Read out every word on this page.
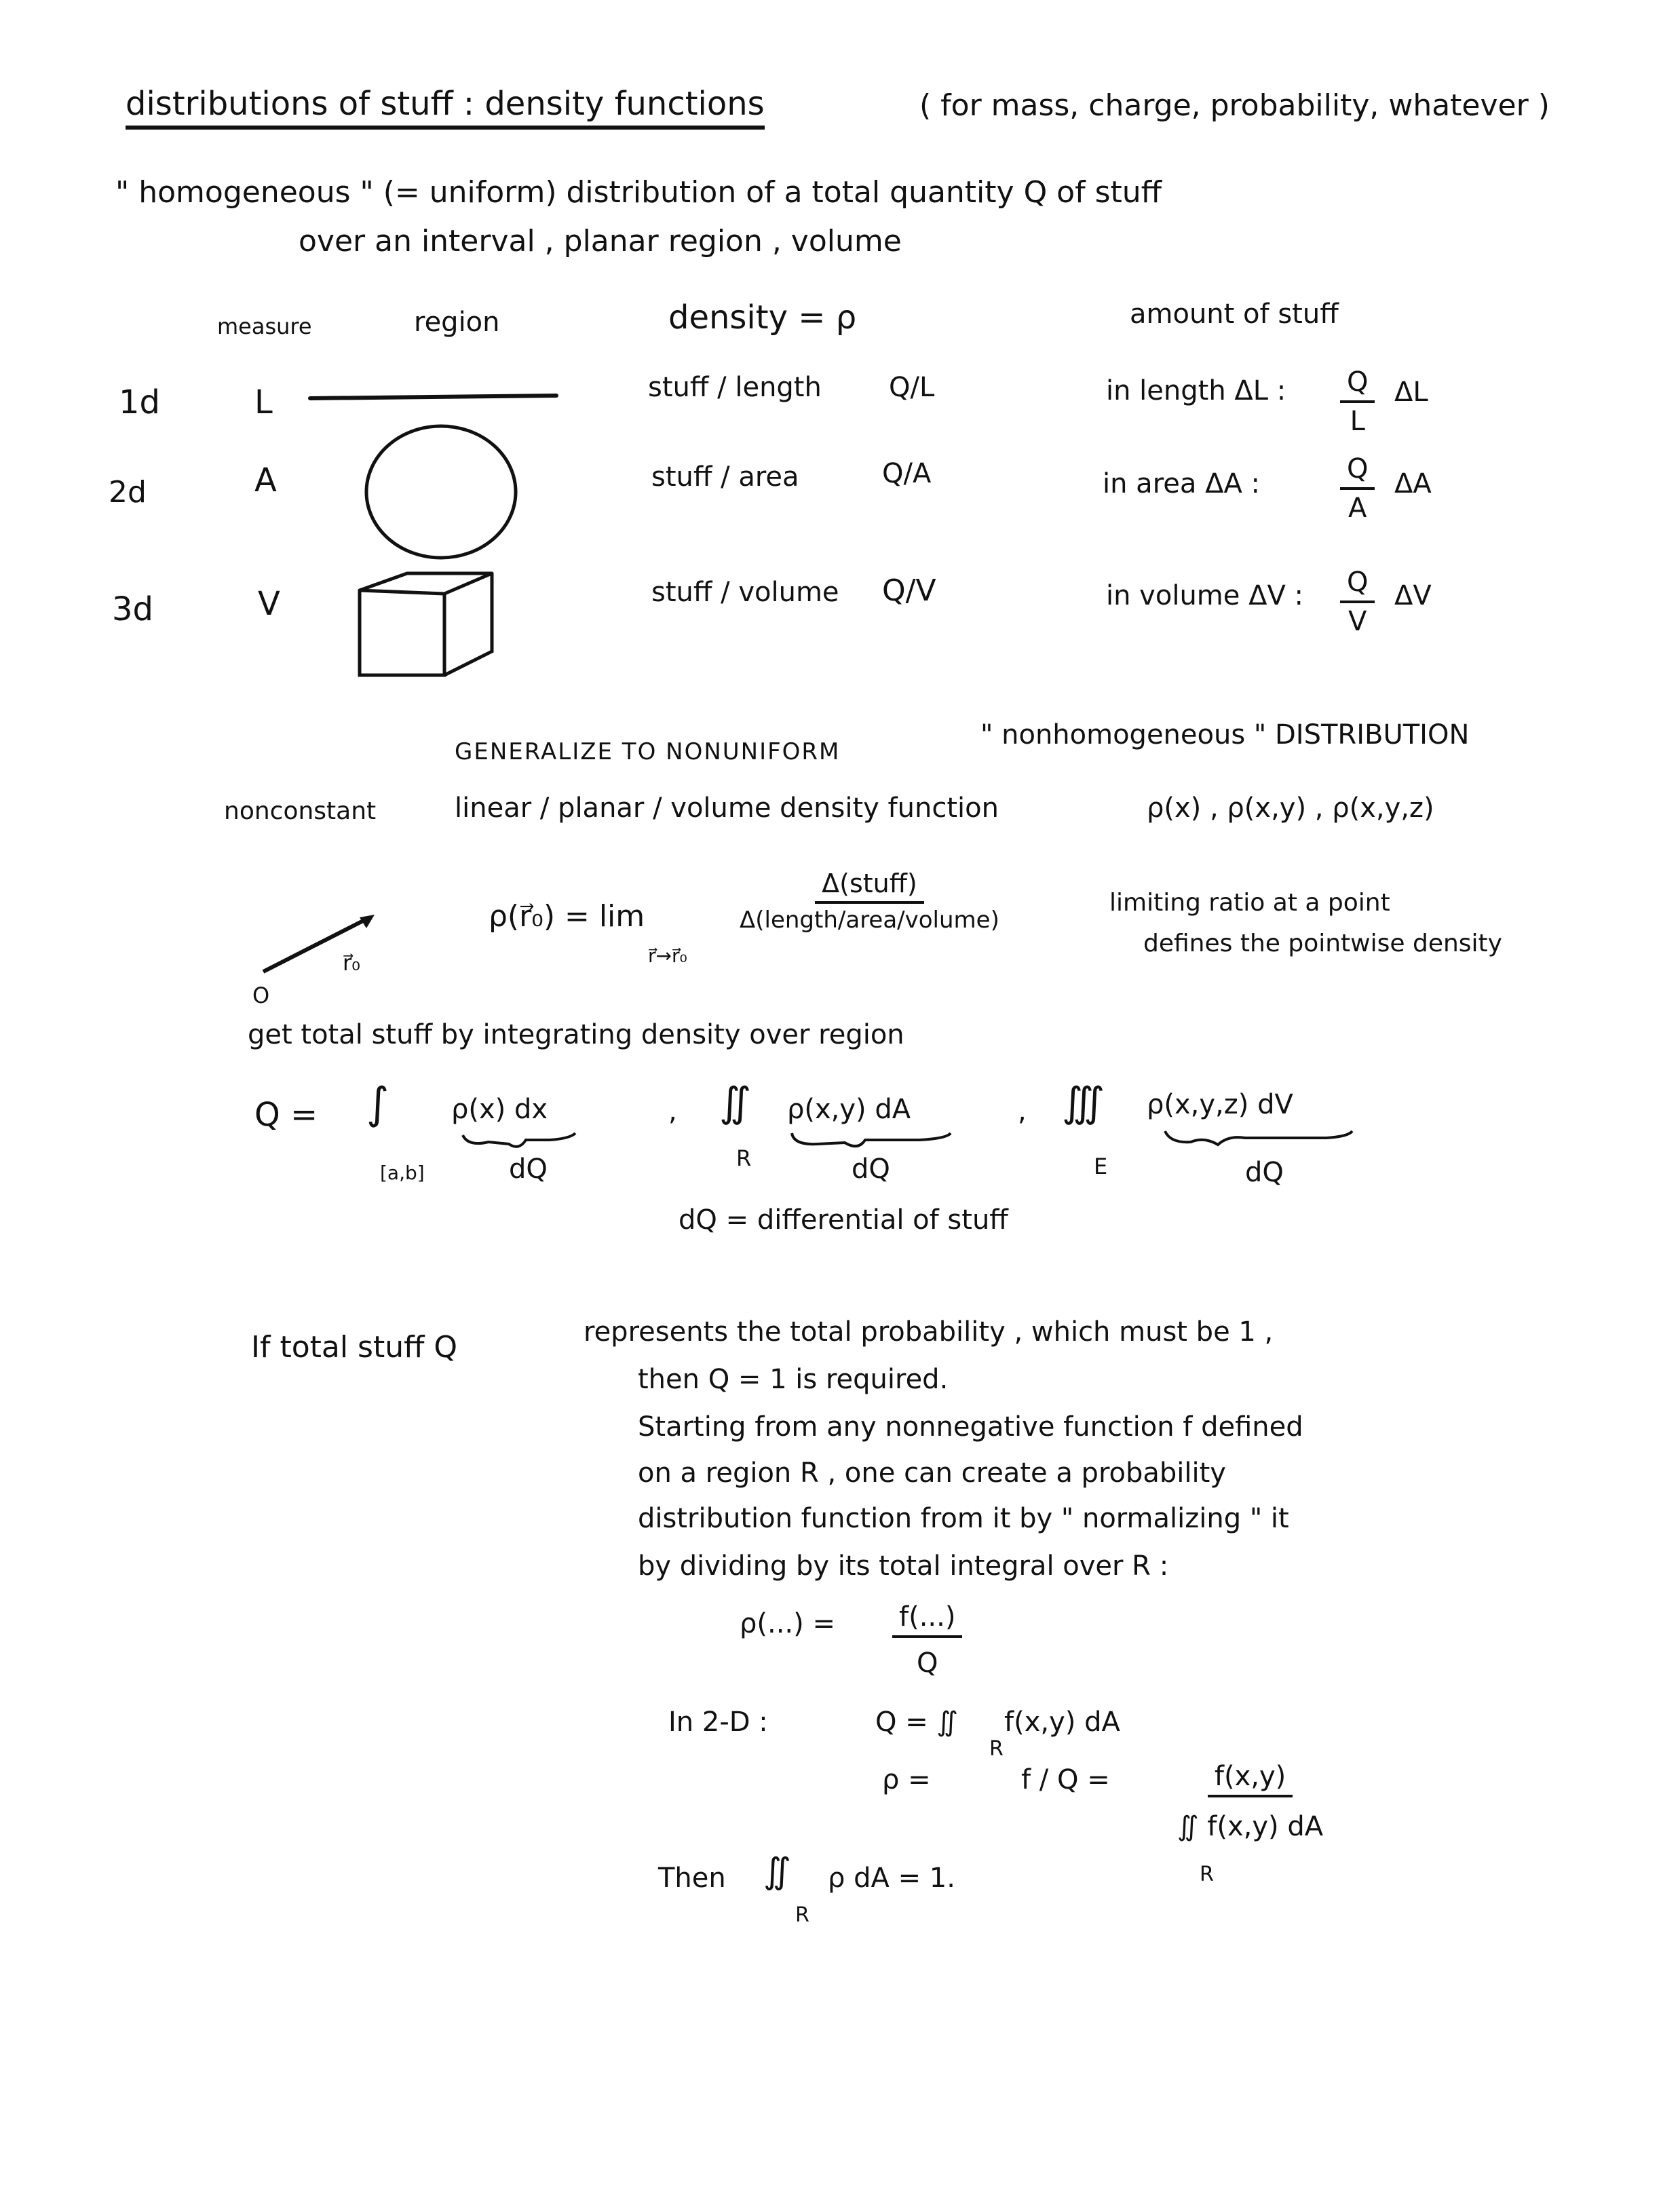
distributions of stuff : density functions	( for mass, charge, probability, whatever )
" homogeneous " (= uniform) distribution of a total quantity Q of stuff
over an interval , planar region , volume
measure	region	density = ρ	amount of stuff
1d	L	stuff / length Q/L	in length ΔL : $\frac{Q}{L}$ ΔL
2d	A	stuff / area	Q/A	in area ΔA :	$\frac{Q}{A}$ ΔA
3d	V	stuff / volume Q/V	in volume ΔV : $\frac{Q}{V}$ ΔV
GENERALIZE TO NONUNIFORM
" nonhomogeneous " DISTRIBUTION
nonconstant	linear / planar / volume density function	ρ(x) , ρ(x,y) , ρ(x,y,z)
r⃗₀
O
ρ(r⃗₀) = lim
r⃗→r⃗₀
Δ(stuff)
Δ(length/area/volume)
limiting ratio at a point
defines the pointwise density
get total stuff by integrating density over region
Q = ∫
[a,b]
ρ(x) dx
dQ
, ∬
R
ρ(x,y) dA
dQ
, ∭
E
ρ(x,y,z) dV
dQ
dQ = differential of stuff
If total stuff Q	represents the total probability , which must be 1 ,
then Q = 1 is required.
Starting from any nonnegative function f defined
on a region R , one can create a probability
distribution function from it by " normalizing " it
by dividing by its total integral over R :
$\rho(...) = \frac{f(...)}{Q}$
In 2-D :	Q = ∬
R
f(x,y) dA
ρ =	$f / Q = \frac{f(x,y)}{∬ f(x,y) dA}$
R
Then ∬
R
ρ dA = 1.
